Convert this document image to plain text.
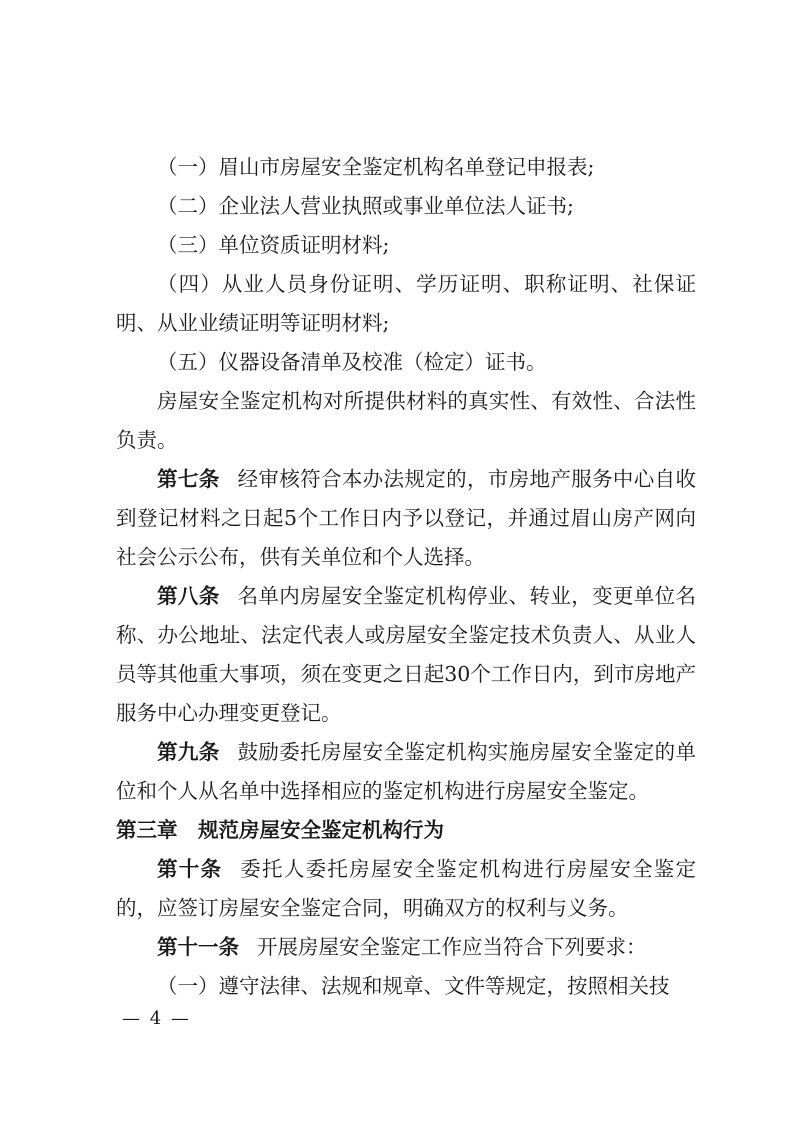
（一）眉山市房屋安全鉴定机构名单登记申报表;

（二）企业法人营业执照或事业单位法人证书;

（三）单位资质证明材料;

（四）从业人员身份证明、学历证明、职称证明、社保证明、从业业绩证明等证明材料;

（五）仪器设备清单及校准（检定）证书。

房屋安全鉴定机构对所提供材料的真实性、有效性、合法性负责。

第七条 经审核符合本办法规定的，市房地产服务中心自收到登记材料之日起5个工作日内予以登记，并通过眉山房产网向社会公示公布，供有关单位和个人选择。

第八条 名单内房屋安全鉴定机构停业、转业，变更单位名称、办公地址、法定代表人或房屋安全鉴定技术负责人、从业人员等其他重大事项，须在变更之日起30个工作日内，到市房地产服务中心办理变更登记。

第九条 鼓励委托房屋安全鉴定机构实施房屋安全鉴定的单位和个人从名单中选择相应的鉴定机构进行房屋安全鉴定。

第三章　规范房屋安全鉴定机构行为

第十条 委托人委托房屋安全鉴定机构进行房屋安全鉴定的，应签订房屋安全鉴定合同，明确双方的权利与义务。

第十一条 开展房屋安全鉴定工作应当符合下列要求：

（一）遵守法律、法规和规章、文件等规定，按照相关技

— 4 —
